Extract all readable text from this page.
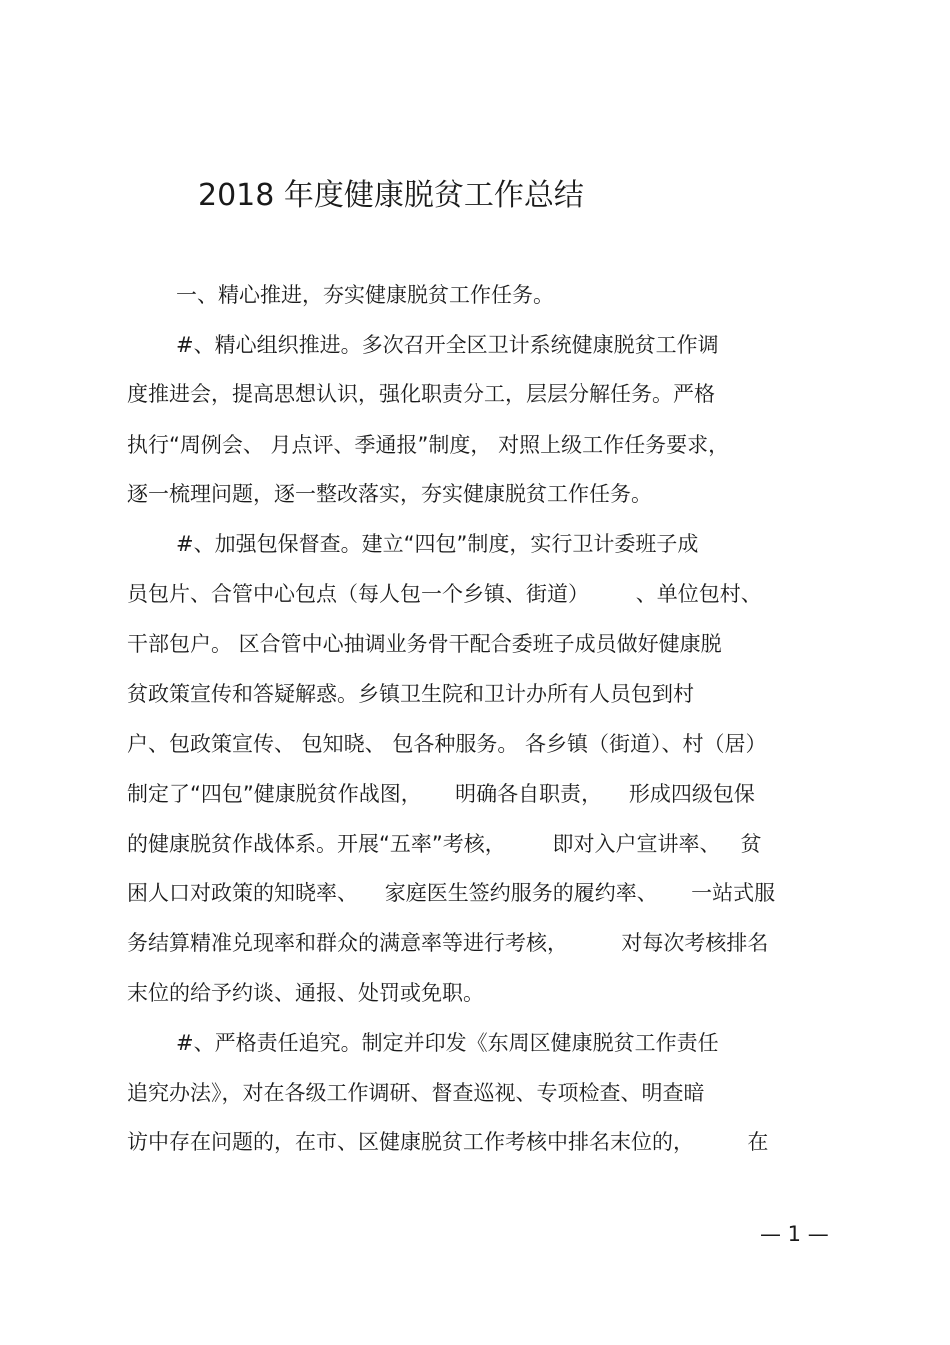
2018 年度健康脱贫工作总结

一、精心推进，夯实健康脱贫工作任务。

#、精心组织推进。多次召开全区卫计系统健康脱贫工作调

度推进会，提高思想认识，强化职责分工，层层分解任务。严格

执行“周例会、 月点评、季通报”制度， 对照上级工作任务要求，

逐一梳理问题，逐一整改落实，夯实健康脱贫工作任务。

#、加强包保督查。建立“四包”制度，实行卫计委班子成

员包片、合管中心包点（每人包一个乡镇、街道）       、单位包村、

干部包户。 区合管中心抽调业务骨干配合委班子成员做好健康脱

贫政策宣传和答疑解惑。乡镇卫生院和卫计办所有人员包到村

户、包政策宣传、 包知晓、 包各种服务。 各乡镇（街道）、村（居）

制定了“四包”健康脱贫作战图，     明确各自职责，    形成四级包保

的健康脱贫作战体系。开展“五率”考核，       即对入户宣讲率、   贫

困人口对政策的知晓率、    家庭医生签约服务的履约率、     一站式服

务结算精准兑现率和群众的满意率等进行考核，        对每次考核排名

末位的给予约谈、通报、处罚或免职。

#、严格责任追究。制定并印发《东周区健康脱贫工作责任

追究办法》，对在各级工作调研、督查巡视、专项检查、明查暗

访中存在问题的，在市、区健康脱贫工作考核中排名末位的，        在

— 1 —
